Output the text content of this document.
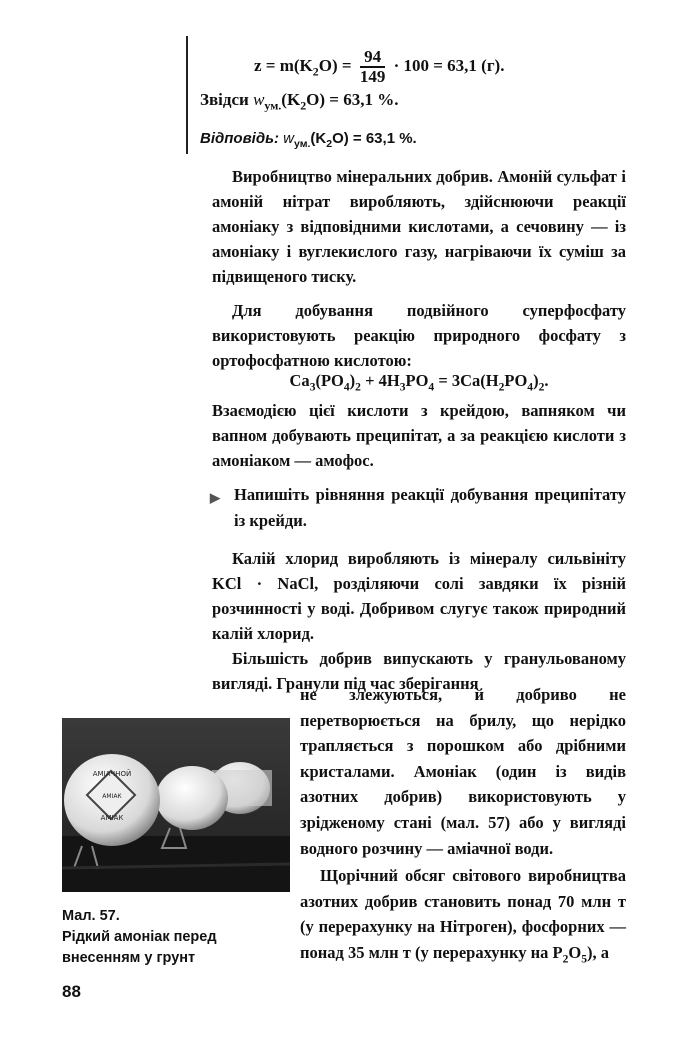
$z = m(K_2O) = \frac{94}{149} \cdot 100 = 63,1$ (г).
Звідси $w_{ум.}(K_2O) = 63,1$ %.
Відповідь: $w_{ум.}(K_2O) = 63,1$ %.
Виробництво мінеральних добрив. Амоній сульфат і амоній нітрат виробляють, здійснюючи реакції амоніаку з відповідними кислотами, а сечовину — із амоніаку і вуглекислого газу, нагріваючи їх суміш за підвищеного тиску.
Для добування подвійного суперфосфату використовують реакцію природного фосфату з ортофосфатною кислотою:
$Ca_3(PO_4)_2 + 4H_3PO_4 = 3Ca(H_2PO_4)_2$.
Взаємодією цієї кислоти з крейдою, вапняком чи вапном добувають преципітат, а за реакцією кислоти з амоніаком — амофос.
▶ Напишіть рівняння реакції добування преципітату із крейди.
Калій хлорид виробляють із мінералу сильвініту KCl · NaCl, розділяючи солі завдяки їх різній розчинності у воді. Добривом слугує також природний калій хлорид.
Більшість добрив випускають у гранульованому вигляді. Гранули під час зберігання
не злежуються, й добриво не перетворюється на брилу, що нерідко трапляється з порошком або дрібними кристалами. Амоніак (один із видів азотних добрив) використовують у зрідженому стані (мал. 57) або у вигляді водного розчину — аміачної води.
Щорічний обсяг світового виробництва азотних добрив становить понад 70 млн т (у перерахунку на Нітроген), фосфорних — понад 35 млн т (у перерахунку на $P_2O_5$), а
АМІАЧНОЙ
АМІАК
АМІАК
Мал. 57.
Рідкий амоніак перед внесенням у грунт
88
